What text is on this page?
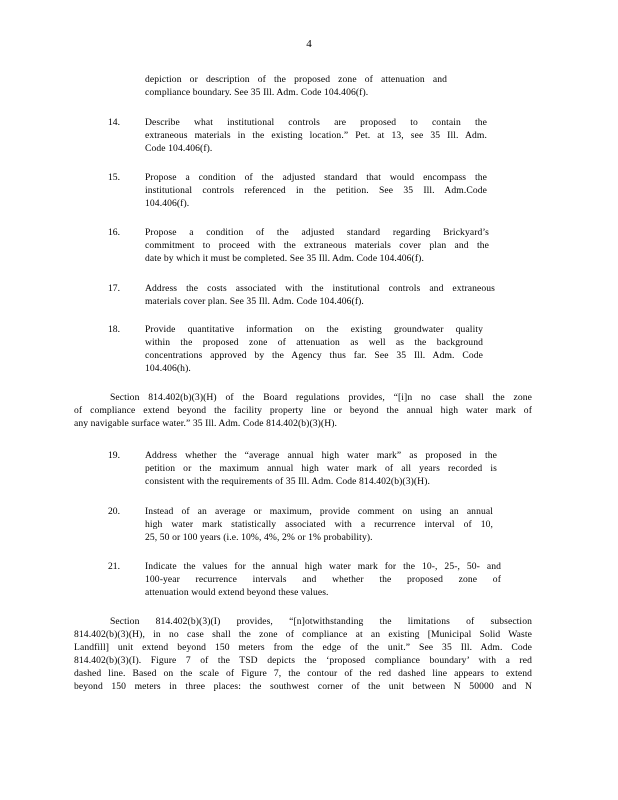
4
depiction or description of the proposed zone of attenuation and
compliance boundary. See 35 Ill. Adm. Code 104.406(f).
14.	Describe what institutional controls are proposed to contain the
extraneous materials in the existing location.” Pet. at 13, see 35 Ill. Adm.
Code 104.406(f).
15.	Propose a condition of the adjusted standard that would encompass the
institutional controls referenced in the petition. See 35 Ill. Adm.Code
104.406(f).
16.	Propose a condition of the adjusted standard regarding Brickyard’s
commitment to proceed with the extraneous materials cover plan and the
date by which it must be completed. See 35 Ill. Adm. Code 104.406(f).
17.	Address the costs associated with the institutional controls and extraneous
materials cover plan. See 35 Ill. Adm. Code 104.406(f).
18.	Provide quantitative information on the existing groundwater quality
within the proposed zone of attenuation as well as the background
concentrations approved by the Agency thus far. See 35 Ill. Adm. Code
104.406(h).
Section 814.402(b)(3)(H) of the Board regulations provides, “[i]n no case shall the zone
of compliance extend beyond the facility property line or beyond the annual high water mark of
any navigable surface water.” 35 Ill. Adm. Code 814.402(b)(3)(H).
19.	Address whether the “average annual high water mark” as proposed in the
petition or the maximum annual high water mark of all years recorded is
consistent with the requirements of 35 Ill. Adm. Code 814.402(b)(3)(H).
20.	Instead of an average or maximum, provide comment on using an annual
high water mark statistically associated with a recurrence interval of 10,
25, 50 or 100 years (i.e. 10%, 4%, 2% or 1% probability).
21.	Indicate the values for the annual high water mark for the 10-, 25-, 50- and
100-year recurrence intervals and whether the proposed zone of
attenuation would extend beyond these values.
Section 814.402(b)(3)(I) provides, “[n]otwithstanding the limitations of subsection
814.402(b)(3)(H), in no case shall the zone of compliance at an existing [Municipal Solid Waste
Landfill] unit extend beyond 150 meters from the edge of the unit.” See 35 Ill. Adm. Code
814.402(b)(3)(I). Figure 7 of the TSD depicts the ‘proposed compliance boundary’ with a red
dashed line. Based on the scale of Figure 7, the contour of the red dashed line appears to extend
beyond 150 meters in three places: the southwest corner of the unit between N 50000 and N
